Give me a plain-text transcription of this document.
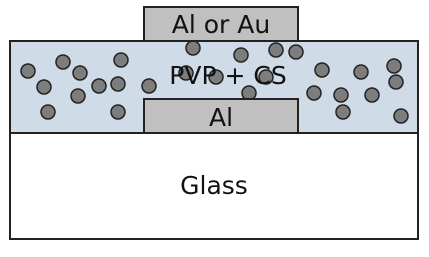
Al or Au
PVP + CS
Al
Glass
